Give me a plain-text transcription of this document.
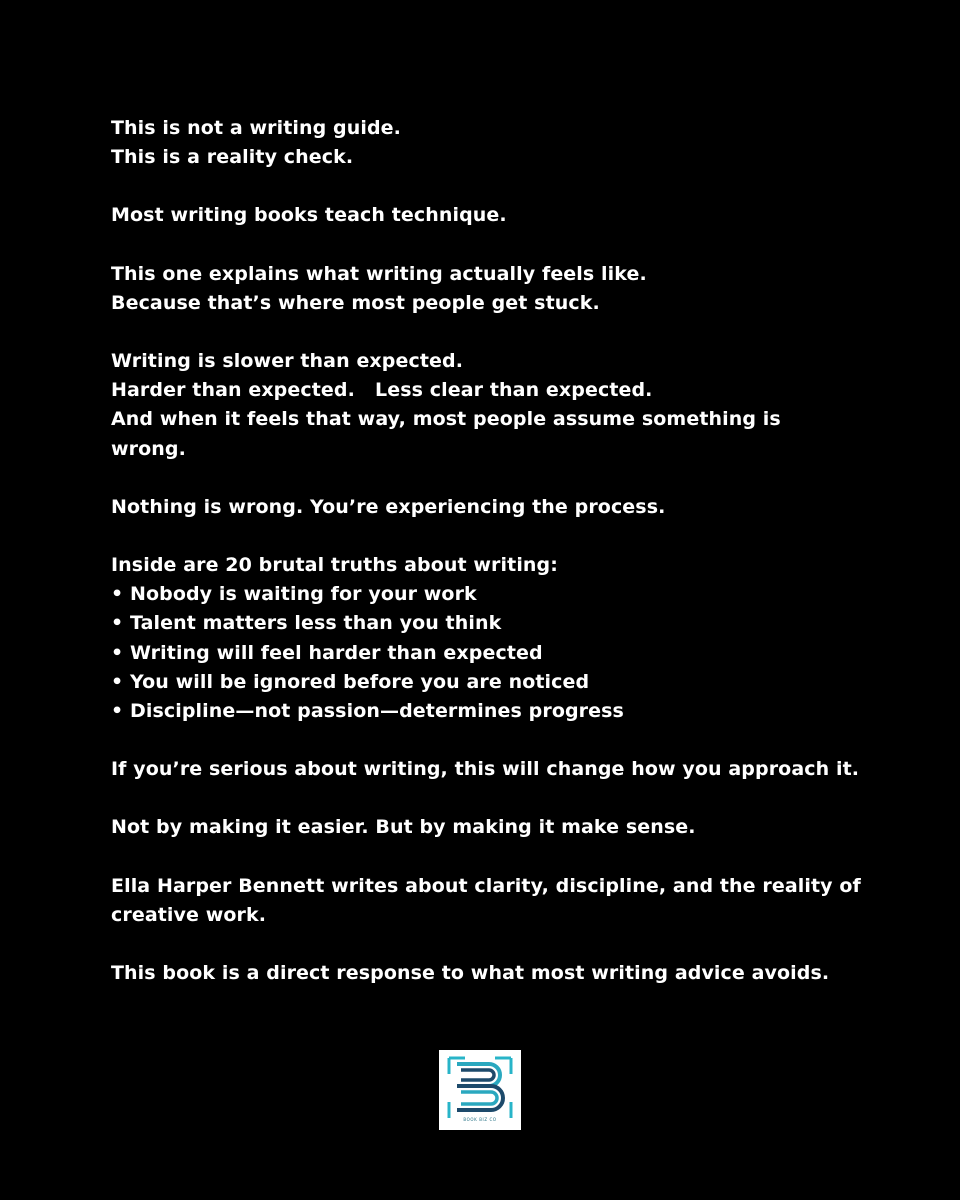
This is not a writing guide.
This is a reality check.
Most writing books teach technique.
This one explains what writing actually feels like.
Because that’s where most people get stuck.
Writing is slower than expected.
Harder than expected.   Less clear than expected.
And when it feels that way, most people assume something is
wrong.
Nothing is wrong. You’re experiencing the process.
Inside are 20 brutal truths about writing:
• Nobody is waiting for your work
• Talent matters less than you think
• Writing will feel harder than expected
• You will be ignored before you are noticed
• Discipline—not passion—determines progress
If you’re serious about writing, this will change how you approach it.
Not by making it easier. But by making it make sense.
Ella Harper Bennett writes about clarity, discipline, and the reality of
creative work.
This book is a direct response to what most writing advice avoids.
BOOK BIZ CO
